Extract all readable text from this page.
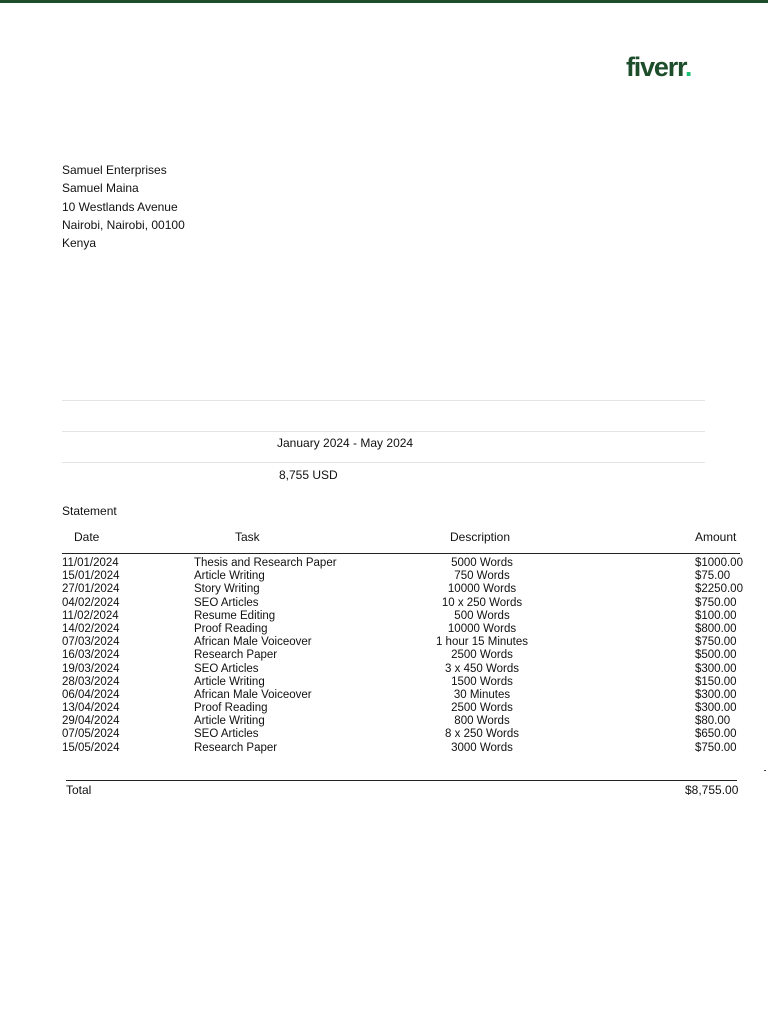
fiverr.
Samuel Enterprises
Samuel Maina
10 Westlands Avenue
Nairobi, Nairobi, 00100
Kenya
January 2024 - May 2024
8,755 USD
Statement
Date	Task	Description	Amount
11/01/2024	Thesis and Research Paper	5000 Words	$1000.00
15/01/2024	Article Writing	750 Words	$75.00
27/01/2024	Story Writing	10000 Words	$2250.00
04/02/2024	SEO Articles	10 x 250 Words	$750.00
11/02/2024	Resume Editing	500 Words	$100.00
14/02/2024	Proof Reading	10000 Words	$800.00
07/03/2024	African Male Voiceover	1 hour 15 Minutes	$750.00
16/03/2024	Research Paper	2500 Words	$500.00
19/03/2024	SEO Articles	3 x 450 Words	$300.00
28/03/2024	Article Writing	1500 Words	$150.00
06/04/2024	African Male Voiceover	30 Minutes	$300.00
13/04/2024	Proof Reading	2500 Words	$300.00
29/04/2024	Article Writing	800 Words	$80.00
07/05/2024	SEO Articles	8 x 250 Words	$650.00
15/05/2024	Research Paper	3000 Words	$750.00
Total	$8,755.00
